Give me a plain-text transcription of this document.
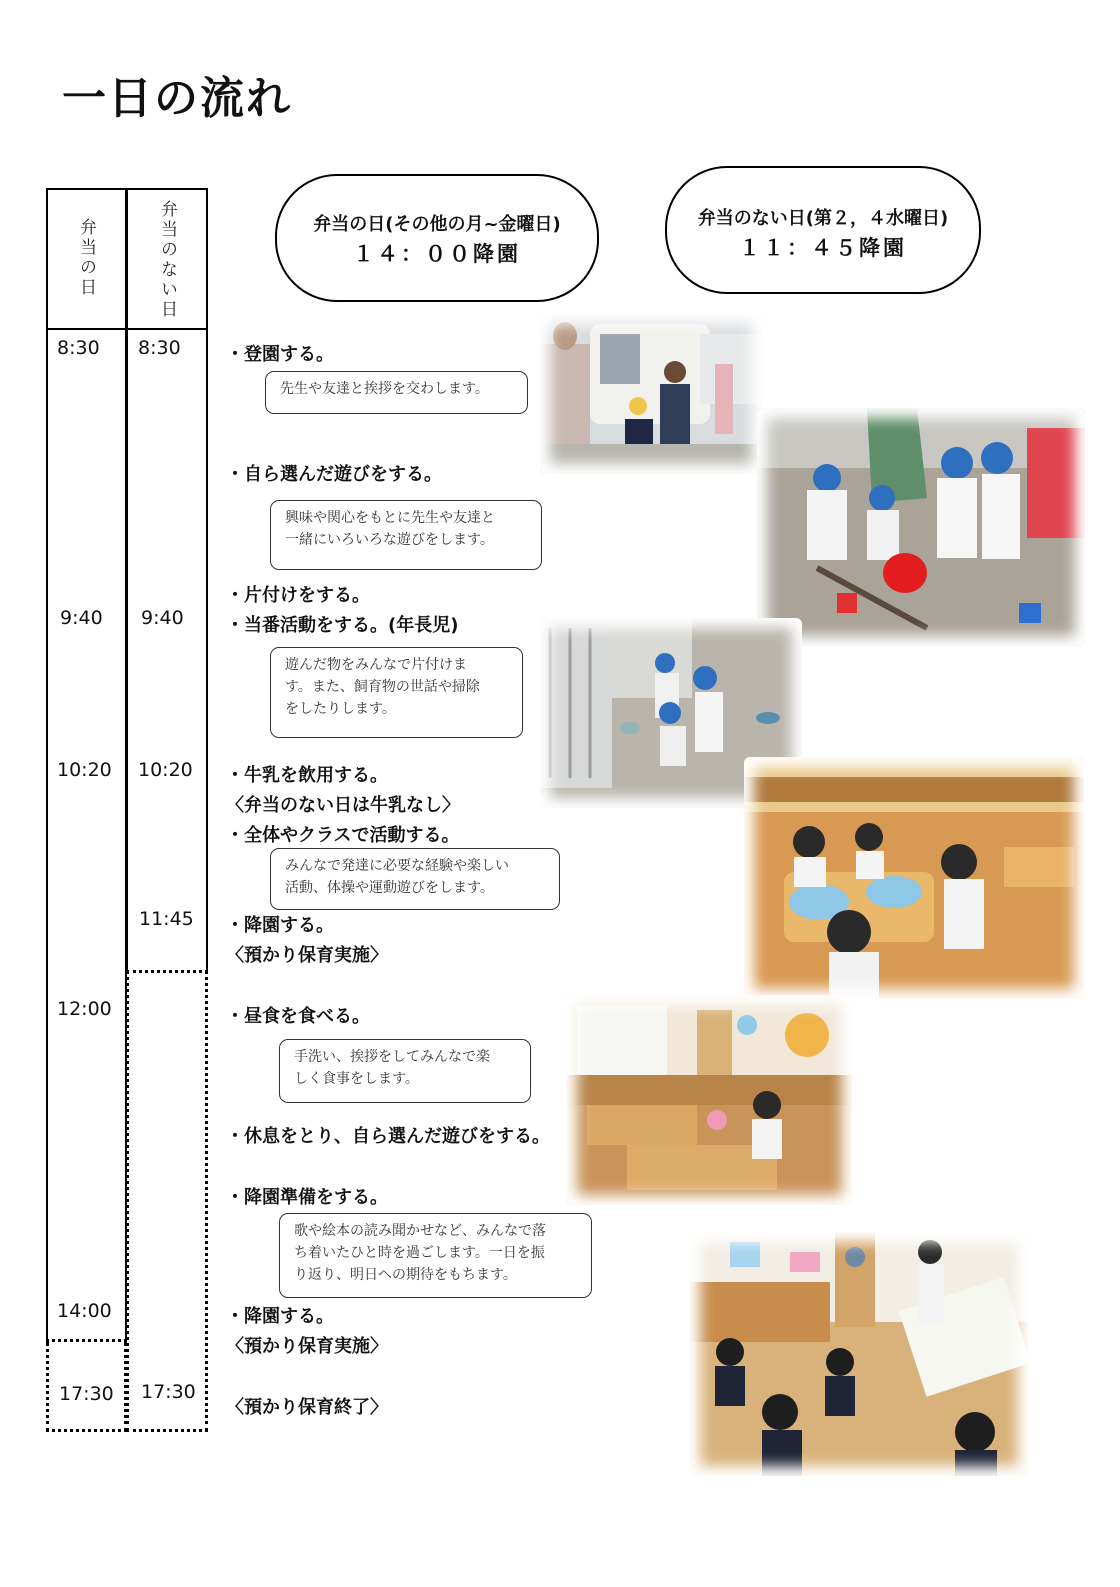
一日の流れ
弁当の日	弁当のない日
8:30
9:40
10:20
12:00
14:00
17:30
8:30
9:40
10:20
11:45
17:30
弁当の日(その他の月~金曜日)
１４：００降園
弁当のない日(第２，４水曜日)
１１：４５降園
・登園する。
先生や友達と挨拶を交わします。
・自ら選んだ遊びをする。
興味や関心をもとに先生や友達と
一緒にいろいろな遊びをします。
・片付けをする。
・当番活動をする。(年長児)
遊んだ物をみんなで片付けま
す。また、飼育物の世話や掃除
をしたりします。
・牛乳を飲用する。
〈弁当のない日は牛乳なし〉
・全体やクラスで活動する。
みんなで発達に必要な経験や楽しい
活動、体操や運動遊びをします。
・降園する。
〈預かり保育実施〉
・昼食を食べる。
手洗い、挨拶をしてみんなで楽
しく食事をします。
・休息をとり、自ら選んだ遊びをする。
・降園準備をする。
歌や絵本の読み聞かせなど、みんなで落
ち着いたひと時を過ごします。一日を振
り返り、明日への期待をもちます。
・降園する。
〈預かり保育実施〉
〈預かり保育終了〉
